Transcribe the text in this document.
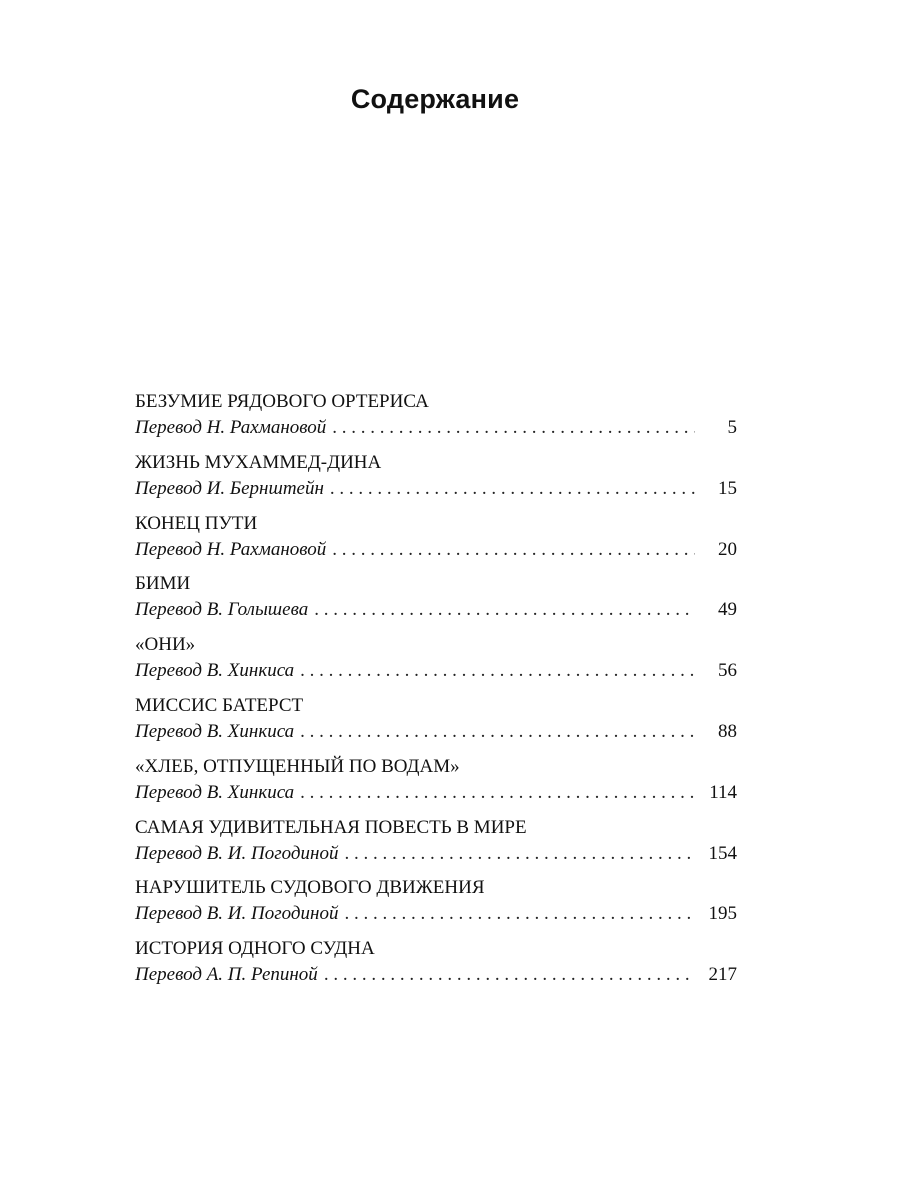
Содержание
БЕЗУМИЕ РЯДОВОГО ОРТЕРИСА
Перевод Н. Рахмановой . . .	5
ЖИЗНЬ МУХАММЕД-ДИНА
Перевод И. Бернштейн . . .	15
КОНЕЦ ПУТИ
Перевод Н. Рахмановой . . .	20
БИМИ
Перевод В. Голышева . . .	49
«ОНИ»
Перевод В. Хинкиса . . .	56
МИССИС БАТЕРСТ
Перевод В. Хинкиса . . .	88
«ХЛЕБ, ОТПУЩЕННЫЙ ПО ВОДАМ»
Перевод В. Хинкиса . . .	114
САМАЯ УДИВИТЕЛЬНАЯ ПОВЕСТЬ В МИРЕ
Перевод В. И. Погодиной . . .	154
НАРУШИТЕЛЬ СУДОВОГО ДВИЖЕНИЯ
Перевод В. И. Погодиной . . .	195
ИСТОРИЯ ОДНОГО СУДНА
Перевод А. П. Репиной . . .	217
